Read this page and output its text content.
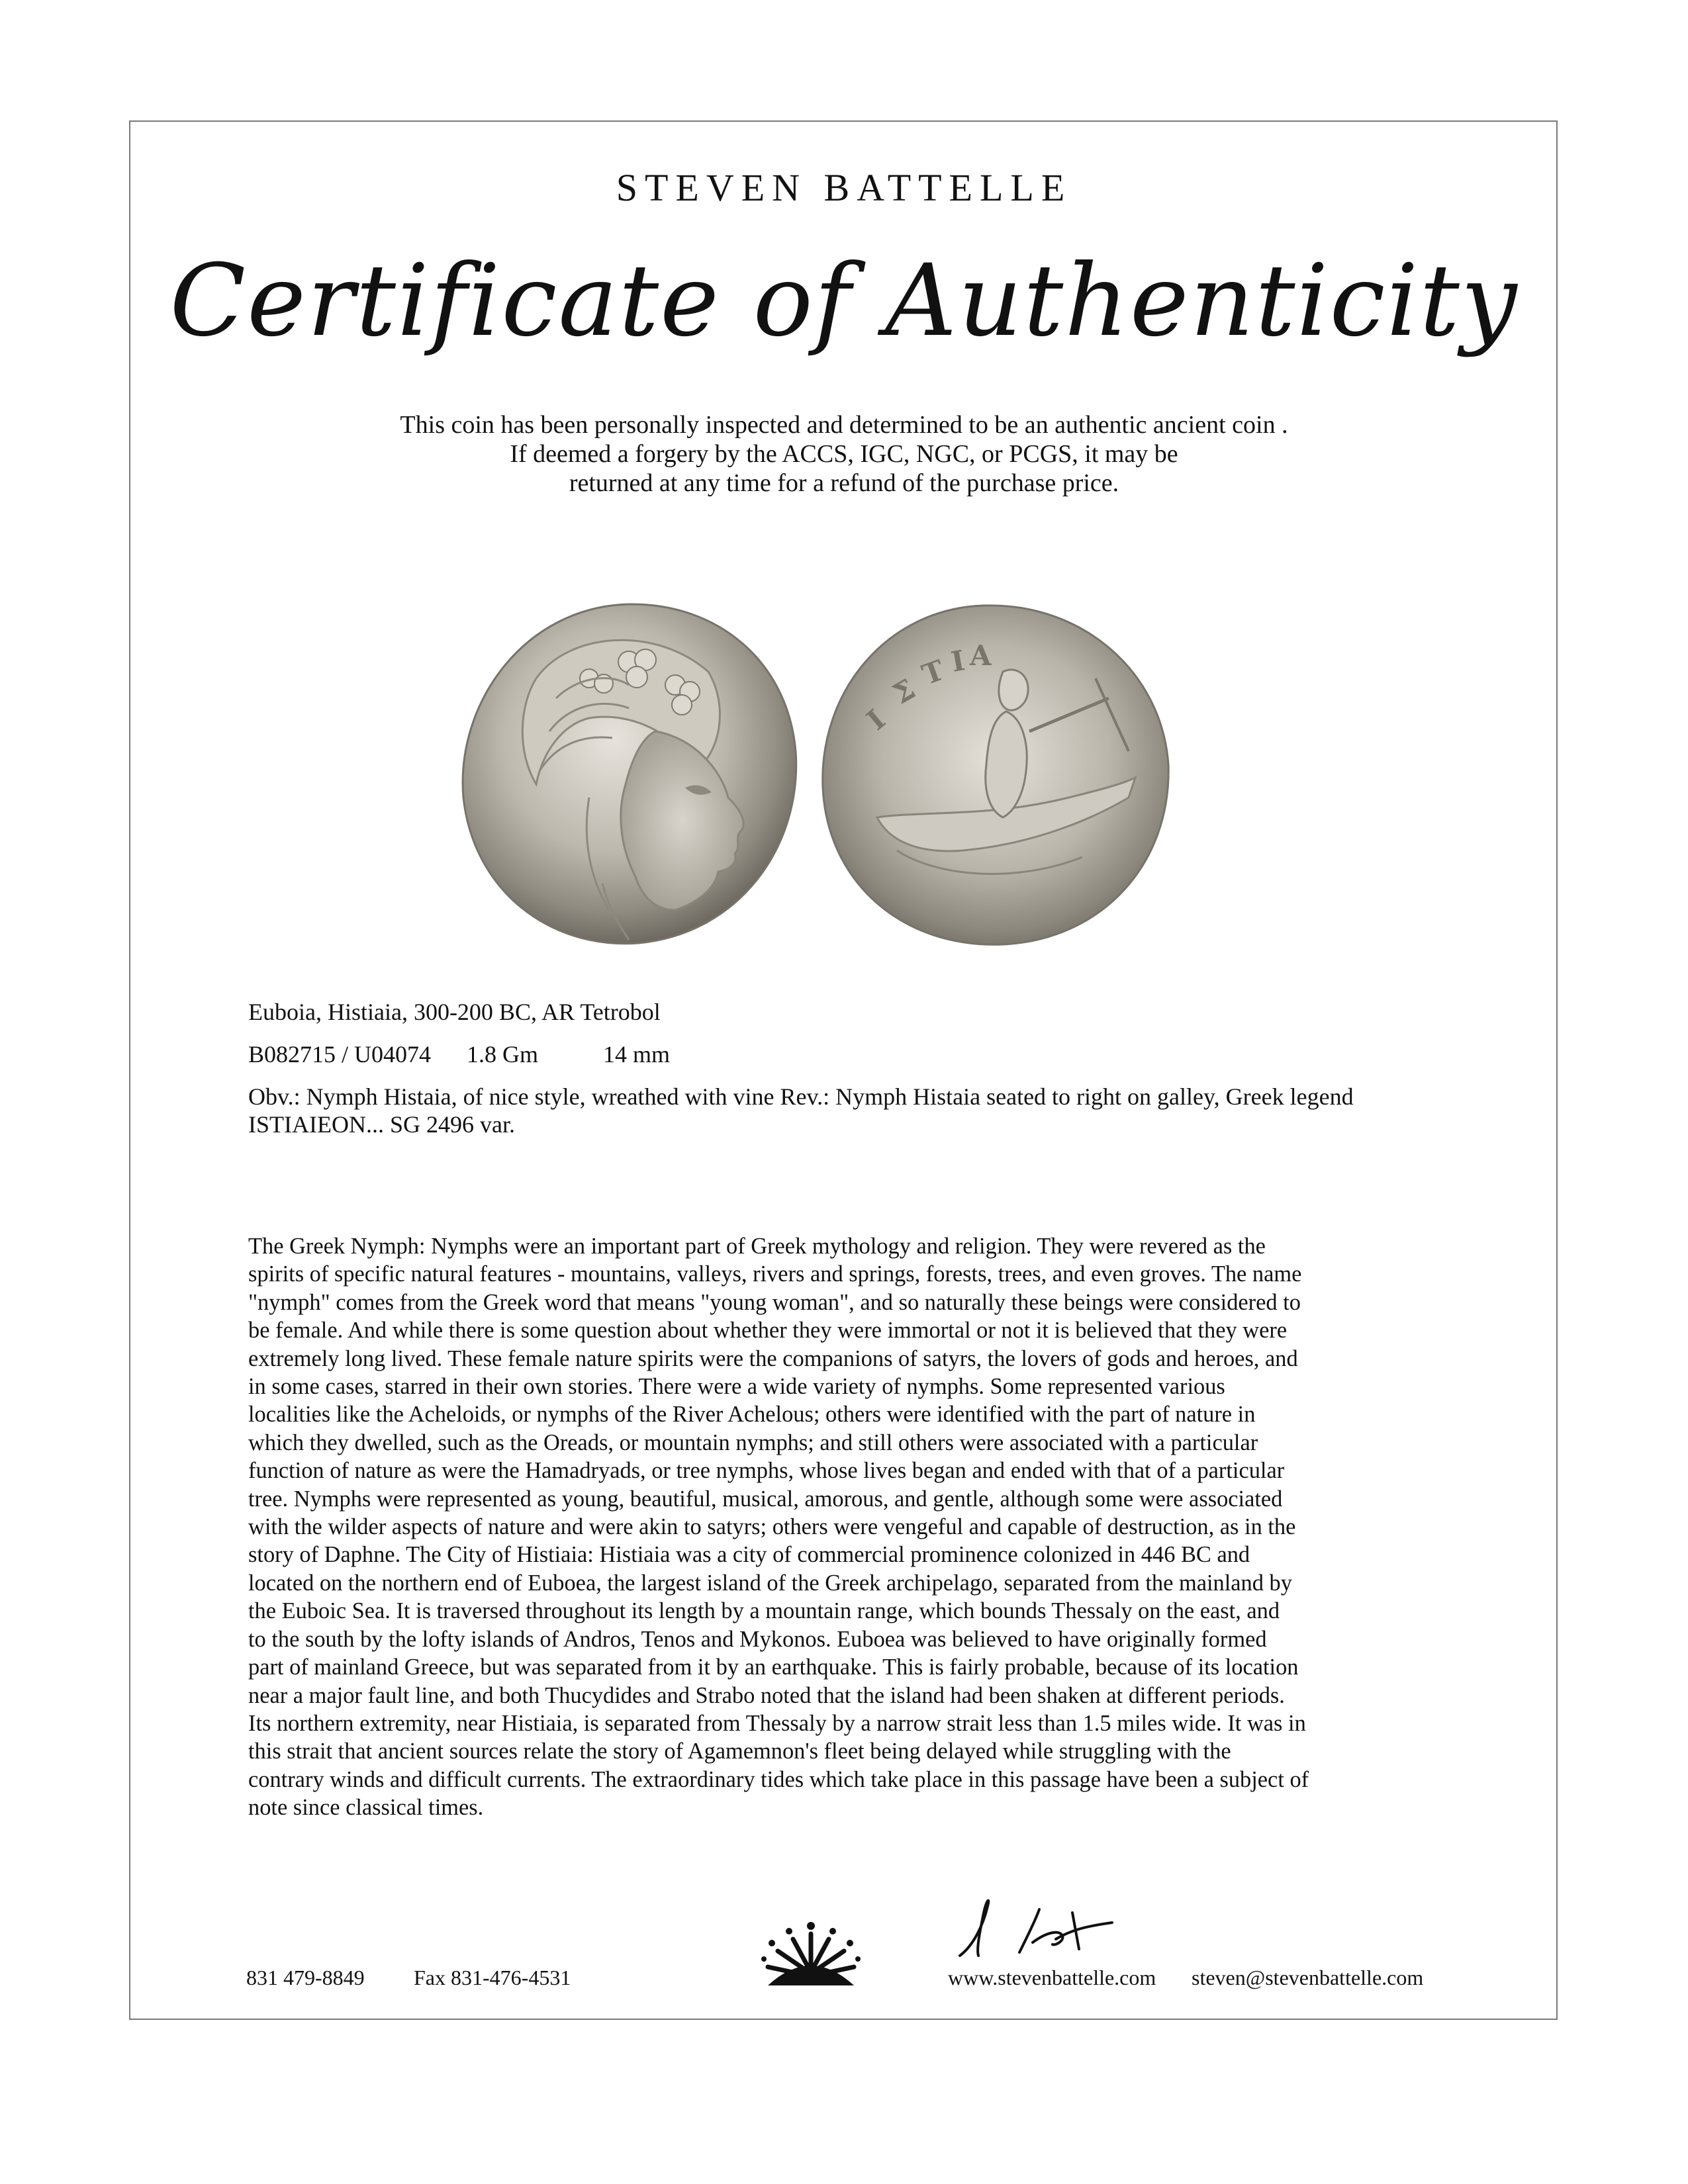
STEVEN BATTELLE
Certificate of Authenticity
This coin has been personally inspected and determined to be an authentic ancient coin .
If deemed a forgery by the ACCS, IGC, NGC, or PCGS, it may be
returned at any time for a refund of the purchase price.
I
Σ
T I A
Euboia, Histiaia, 300-200 BC, AR Tetrobol
B082715 / U04074 1.8 Gm	14 mm
Obv.: Nymph Histaia, of nice style, wreathed with vine Rev.: Nymph Histaia seated to right on galley, Greek legend ISTIAIEON... SG 2496 var.
The Greek Nymph: Nymphs were an important part of Greek mythology and religion. They were revered as the
spirits of specific natural features - mountains, valleys, rivers and springs, forests, trees, and even groves. The name
"nymph" comes from the Greek word that means "young woman", and so naturally these beings were considered to
be female. And while there is some question about whether they were immortal or not it is believed that they were
extremely long lived. These female nature spirits were the companions of satyrs, the lovers of gods and heroes, and
in some cases, starred in their own stories. There were a wide variety of nymphs. Some represented various
localities like the Acheloids, or nymphs of the River Achelous; others were identified with the part of nature in
which they dwelled, such as the Oreads, or mountain nymphs; and still others were associated with a particular
function of nature as were the Hamadryads, or tree nymphs, whose lives began and ended with that of a particular
tree. Nymphs were represented as young, beautiful, musical, amorous, and gentle, although some were associated
with the wilder aspects of nature and were akin to satyrs; others were vengeful and capable of destruction, as in the
story of Daphne. The City of Histiaia: Histiaia was a city of commercial prominence colonized in 446 BC and
located on the northern end of Euboea, the largest island of the Greek archipelago, separated from the mainland by
the Euboic Sea. It is traversed throughout its length by a mountain range, which bounds Thessaly on the east, and
to the south by the lofty islands of Andros, Tenos and Mykonos. Euboea was believed to have originally formed
part of mainland Greece, but was separated from it by an earthquake. This is fairly probable, because of its location
near a major fault line, and both Thucydides and Strabo noted that the island had been shaken at different periods.
Its northern extremity, near Histiaia, is separated from Thessaly by a narrow strait less than 1.5 miles wide. It was in
this strait that ancient sources relate the story of Agamemnon's fleet being delayed while struggling with the
contrary winds and difficult currents. The extraordinary tides which take place in this passage have been a subject of
note since classical times.
831 479-8849 Fax 831-476-4531	www.stevenbattelle.com steven@stevenbattelle.com
